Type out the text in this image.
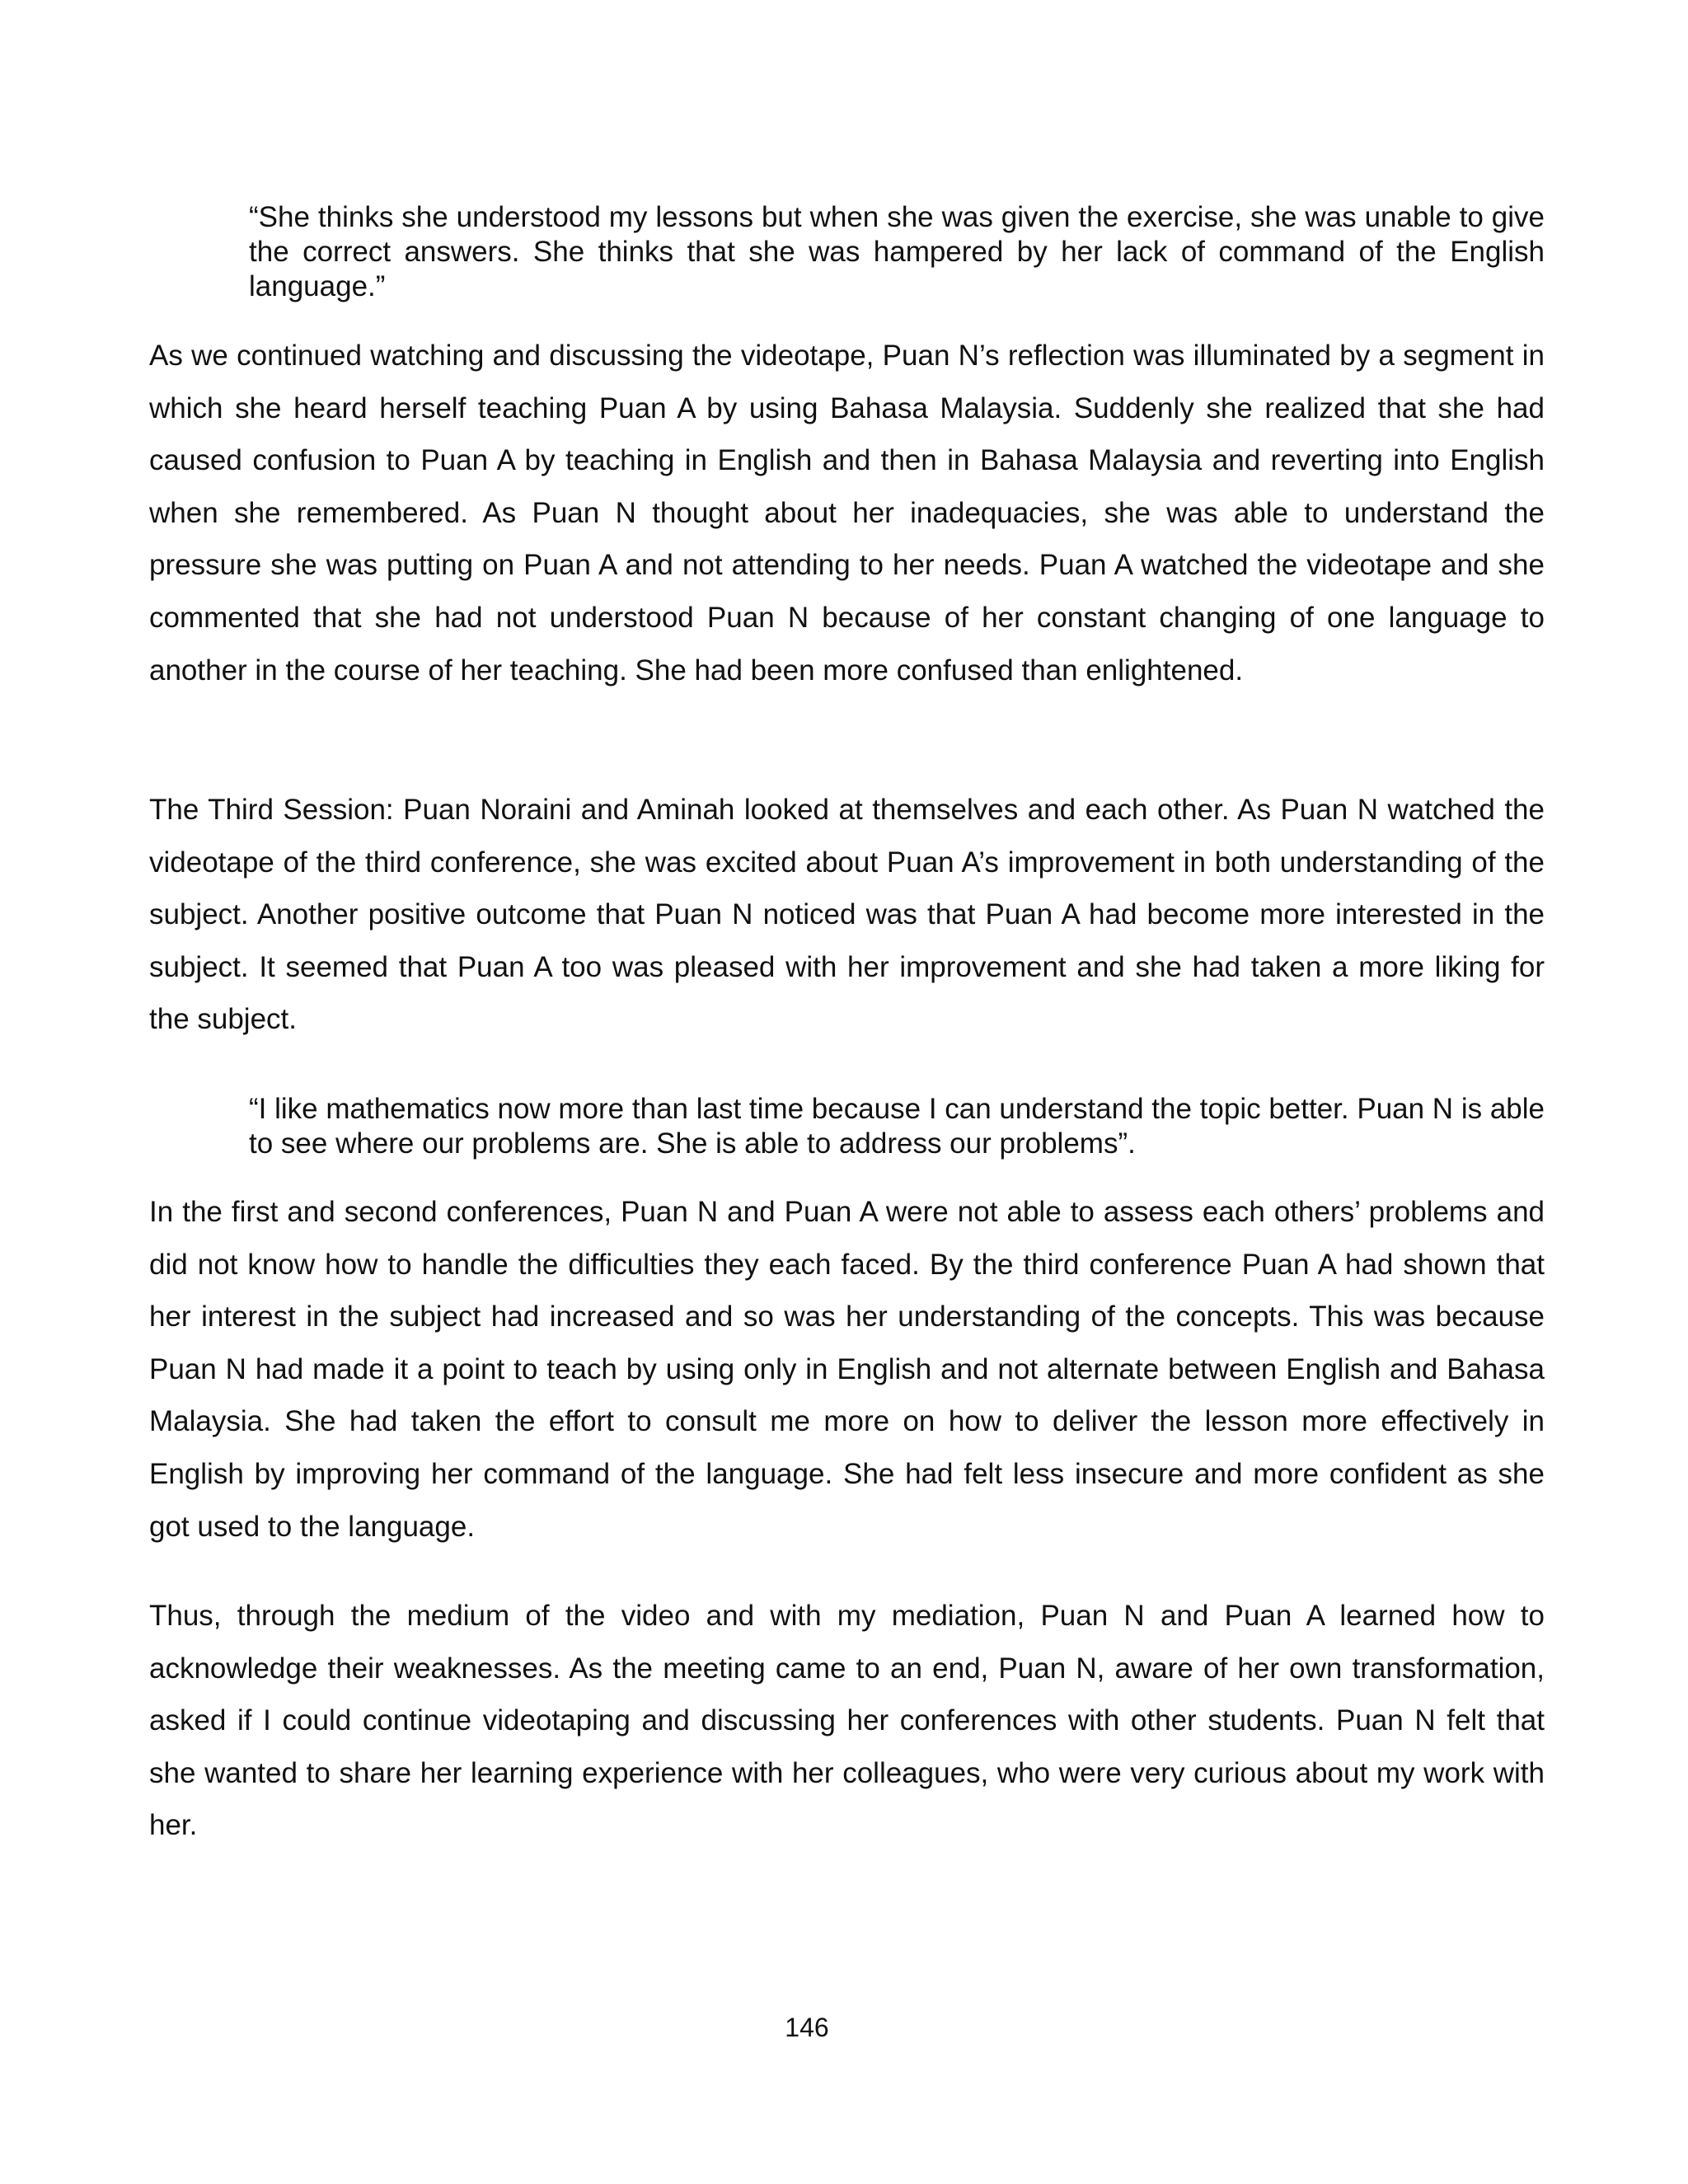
“She thinks she understood my lessons but when she was given the exercise, she was unable to give the correct answers. She thinks that she was hampered by her lack of command of the English language.”

As we continued watching and discussing the videotape, Puan N’s reflection was illuminated by a segment in which she heard herself teaching Puan A by using Bahasa Malaysia. Suddenly she realized that she had caused confusion to Puan A by teaching in English and then in Bahasa Malaysia and reverting into English when she remembered. As Puan N thought about her inadequacies, she was able to understand the pressure she was putting on Puan A and not attending to her needs. Puan A watched the videotape and she commented that she had not understood Puan N because of her constant changing of one language to another in the course of her teaching. She had been more confused than enlightened.

The Third Session: Puan Noraini and Aminah looked at themselves and each other. As Puan N watched the videotape of the third conference, she was excited about Puan A’s improvement in both understanding of the subject. Another positive outcome that Puan N noticed was that Puan A had become more interested in the subject. It seemed that Puan A too was pleased with her improvement and she had taken a more liking for the subject.

“I like mathematics now more than last time because I can understand the topic better. Puan N is able to see where our problems are. She is able to address our problems”.

In the first and second conferences, Puan N and Puan A were not able to assess each others’ problems and did not know how to handle the difficulties they each faced. By the third conference Puan A had shown that her interest in the subject had increased and so was her understanding of the concepts. This was because Puan N had made it a point to teach by using only in English and not alternate between English and Bahasa Malaysia. She had taken the effort to consult me more on how to deliver the lesson more effectively in English by improving her command of the language. She had felt less insecure and more confident as she got used to the language.

Thus, through the medium of the video and with my mediation, Puan N and Puan A learned how to acknowledge their weaknesses. As the meeting came to an end, Puan N, aware of her own transformation, asked if I could continue videotaping and discussing her conferences with other students. Puan N felt that she wanted to share her learning experience with her colleagues, who were very curious about my work with her.

146
